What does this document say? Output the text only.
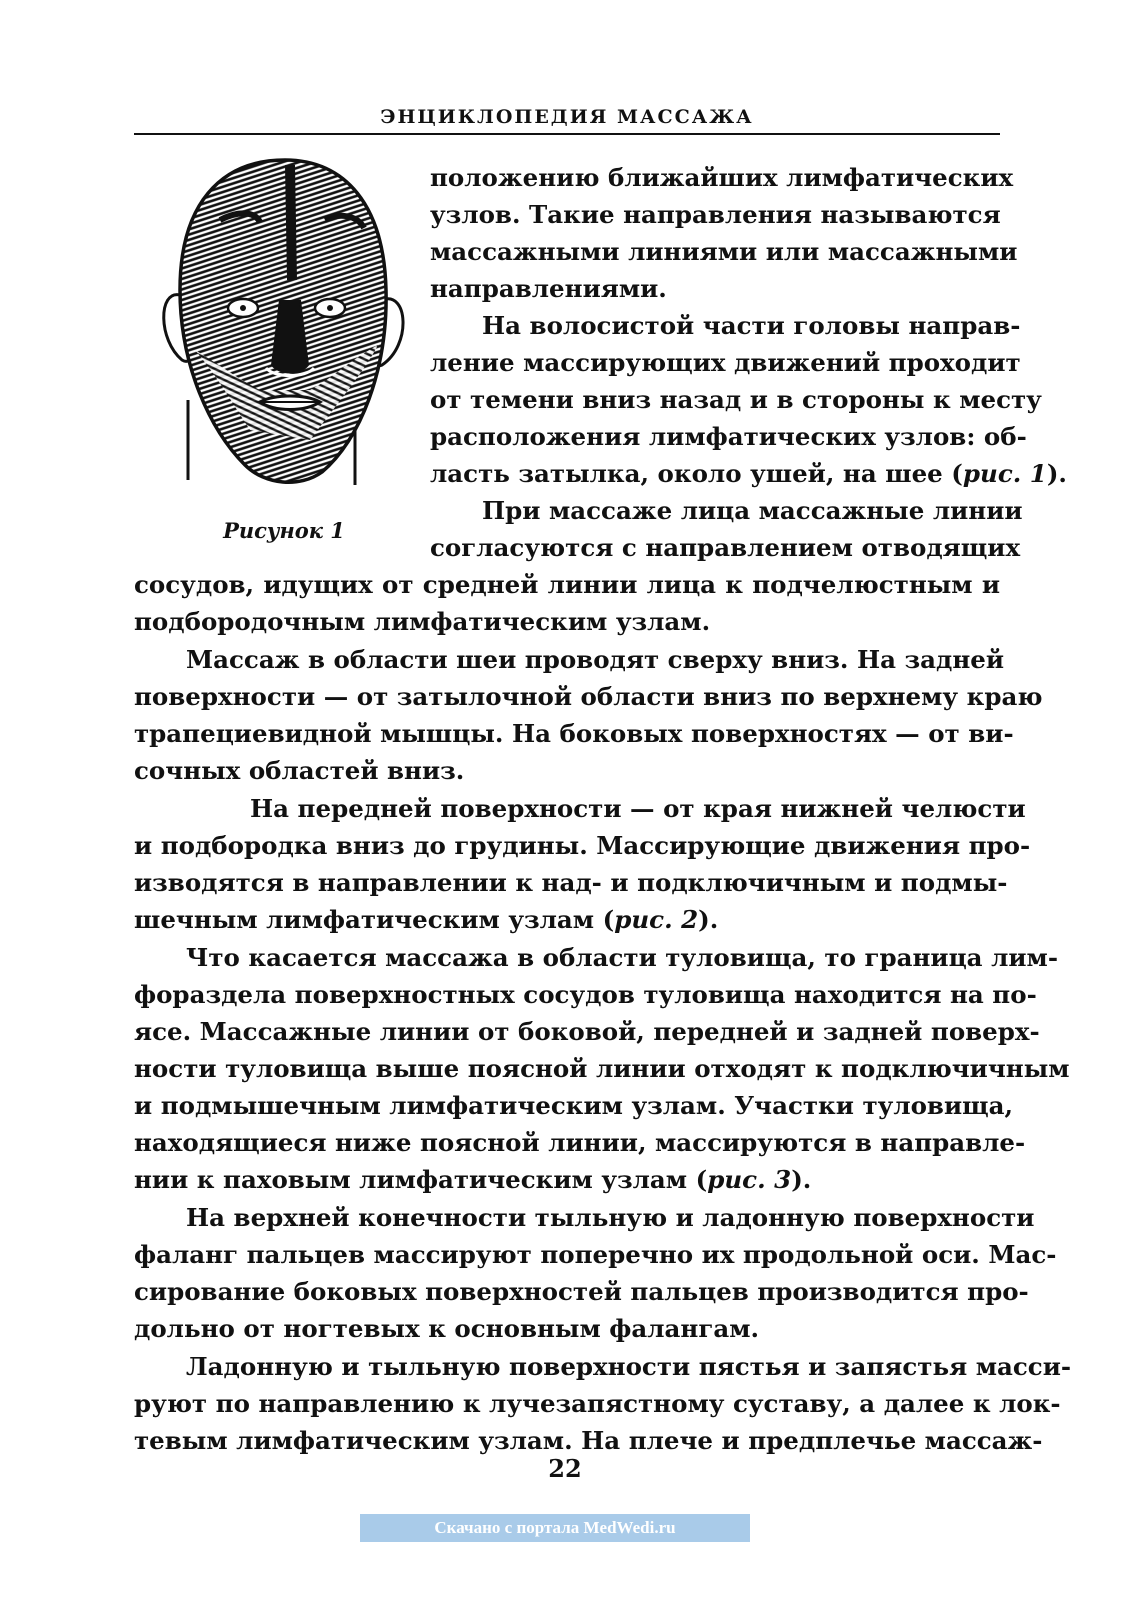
ЭНЦИКЛОПЕДИЯ МАССАЖА
Рисунок 1
положению ближайших лимфатических
узлов. Такие направления называются
массажными линиями или массажными
направлениями.
На волосистой части головы направ-
ление массирующих движений проходит
от темени вниз назад и в стороны к месту
расположения лимфатических узлов: об-
ласть затылка, около ушей, на шее (рис. 1).
При массаже лица массажные линии
согласуются с направлением отводящих
сосудов, идущих от средней линии лица к подчелюстным и
подбородочным лимфатическим узлам.
Массаж в области шеи проводят сверху вниз. На задней
поверхности — от затылочной области вниз по верхнему краю
трапециевидной мышцы. На боковых поверхностях — от ви-
сочных областей вниз.
На передней поверхности — от края нижней челюсти
и подбородка вниз до грудины. Массирующие движения про-
изводятся в направлении к над- и подключичным и подмы-
шечным лимфатическим узлам (рис. 2).
Что касается массажа в области туловища, то граница лим-
фораздела поверхностных сосудов туловища находится на по-
ясе. Массажные линии от боковой, передней и задней поверх-
ности туловища выше поясной линии отходят к подключичным
и подмышечным лимфатическим узлам. Участки туловища,
находящиеся ниже поясной линии, массируются в направле-
нии к паховым лимфатическим узлам (рис. 3).
На верхней конечности тыльную и ладонную поверхности
фаланг пальцев массируют поперечно их продольной оси. Мас-
сирование боковых поверхностей пальцев производится про-
дольно от ногтевых к основным фалангам.
Ладонную и тыльную поверхности пястья и запястья масси-
руют по направлению к лучезапястному суставу, а далее к лок-
тевым лимфатическим узлам. На плече и предплечье массаж-
22
Скачано с портала MedWedi.ru
